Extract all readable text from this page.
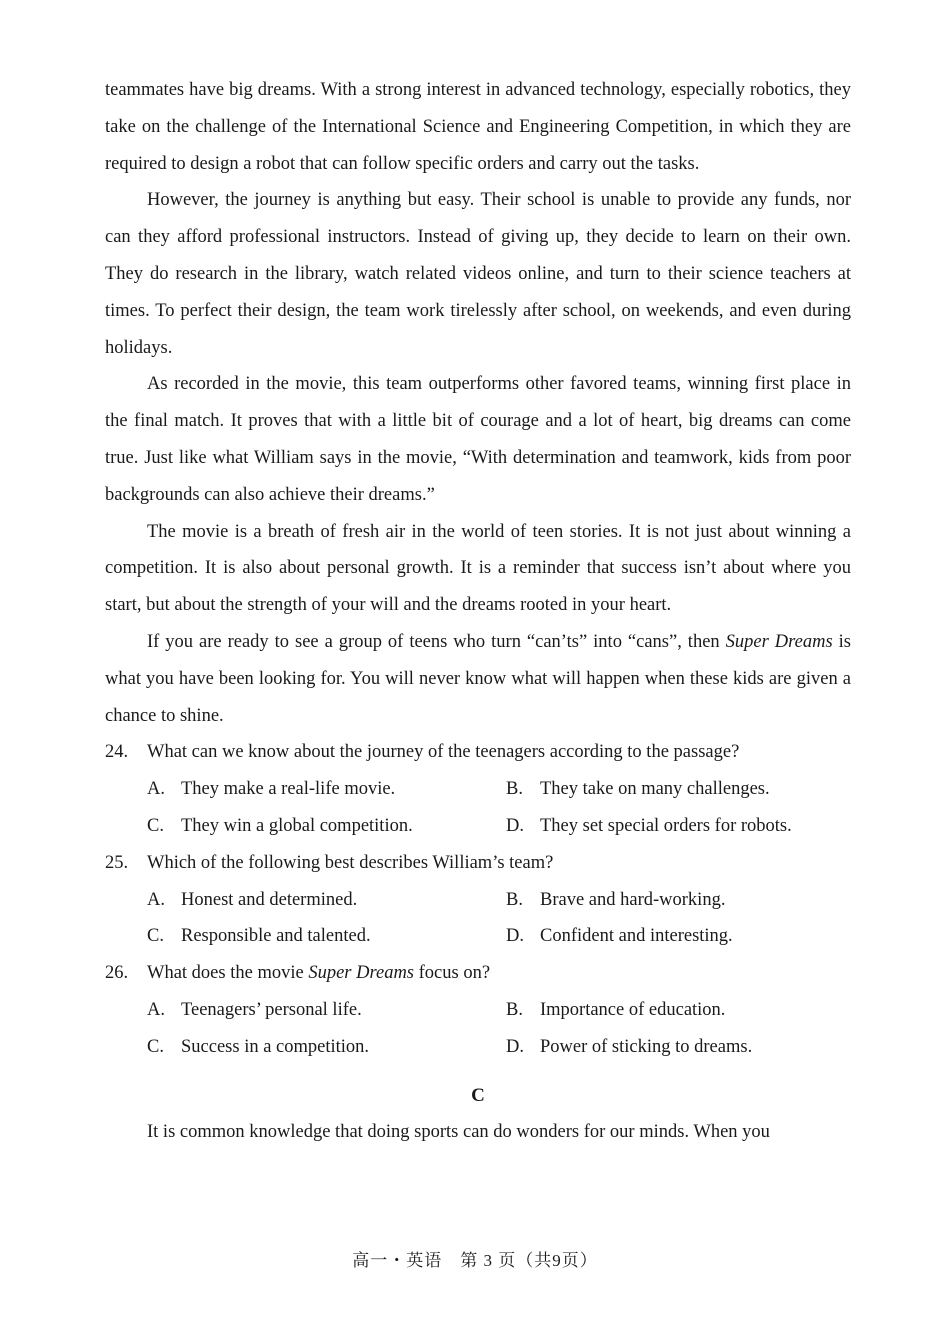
teammates have big dreams. With a strong interest in advanced technology, especially robotics, they take on the challenge of the International Science and Engineering Competition, in which they are required to design a robot that can follow specific orders and carry out the tasks.

However, the journey is anything but easy. Their school is unable to provide any funds, nor can they afford professional instructors. Instead of giving up, they decide to learn on their own. They do research in the library, watch related videos online, and turn to their science teachers at times. To perfect their design, the team work tirelessly after school, on weekends, and even during holidays.

As recorded in the movie, this team outperforms other favored teams, winning first place in the final match. It proves that with a little bit of courage and a lot of heart, big dreams can come true. Just like what William says in the movie, “With determination and teamwork, kids from poor backgrounds can also achieve their dreams.”

The movie is a breath of fresh air in the world of teen stories. It is not just about winning a competition. It is also about personal growth. It is a reminder that success isn’t about where you start, but about the strength of your will and the dreams rooted in your heart.

If you are ready to see a group of teens who turn “can’ts” into “cans”, then Super Dreams is what you have been looking for. You will never know what will happen when these kids are given a chance to shine.

24.	What can we know about the journey of the teenagers according to the passage?
A. They make a real-life movie.	B. They take on many challenges.
C. They win a global competition.	D. They set special orders for robots.
25.	Which of the following best describes William’s team?
A. Honest and determined.	B. Brave and hard-working.
C. Responsible and talented.	D. Confident and interesting.
26.	What does the movie Super Dreams focus on?
A. Teenagers’ personal life.	B. Importance of education.
C. Success in a competition.	D. Power of sticking to dreams.
C

It is common knowledge that doing sports can do wonders for our minds. When you

高一・英语　第 3 页（共9页）
